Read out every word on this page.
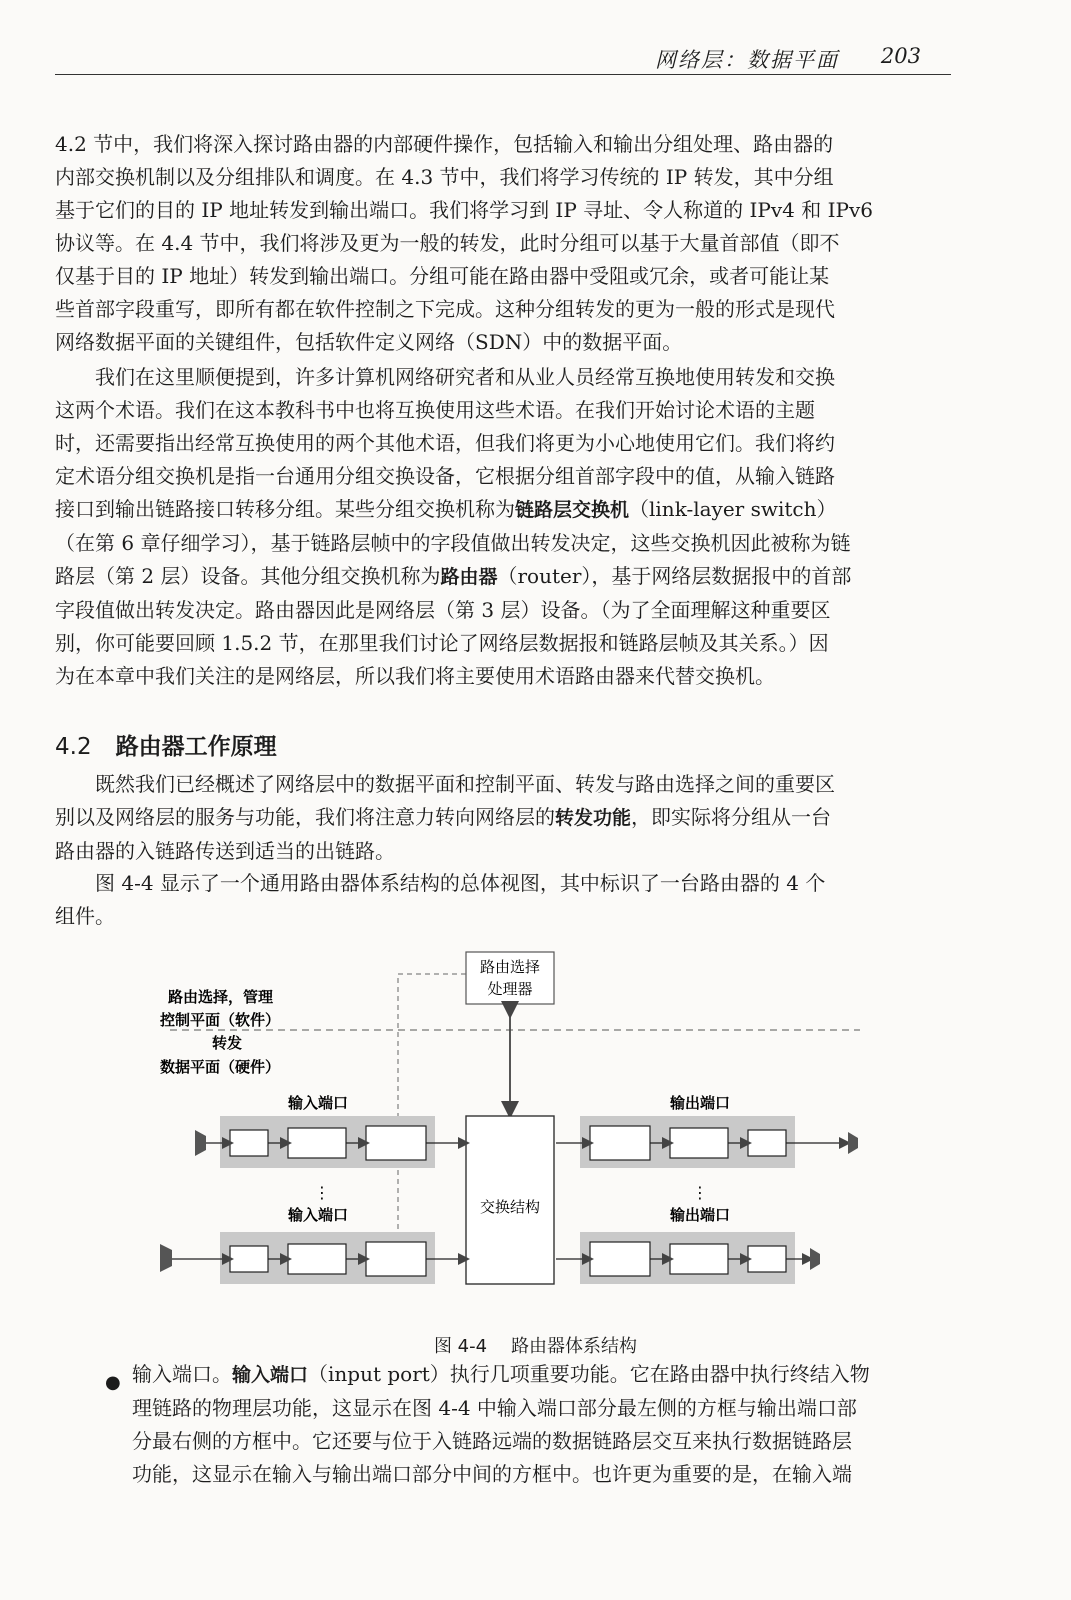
网络层：数据平面 203
4.2 节中，我们将深入探讨路由器的内部硬件操作，包括输入和输出分组处理、路由器的
内部交换机制以及分组排队和调度。在 4.3 节中，我们将学习传统的 IP 转发，其中分组
基于它们的目的 IP 地址转发到输出端口。我们将学习到 IP 寻址、令人称道的 IPv4 和 IPv6
协议等。在 4.4 节中，我们将涉及更为一般的转发，此时分组可以基于大量首部值（即不
仅基于目的 IP 地址）转发到输出端口。分组可能在路由器中受阻或冗余，或者可能让某
些首部字段重写，即所有都在软件控制之下完成。这种分组转发的更为一般的形式是现代
网络数据平面的关键组件，包括软件定义网络（SDN）中的数据平面。
我们在这里顺便提到，许多计算机网络研究者和从业人员经常互换地使用转发和交换
这两个术语。我们在这本教科书中也将互换使用这些术语。在我们开始讨论术语的主题
时，还需要指出经常互换使用的两个其他术语，但我们将更为小心地使用它们。我们将约
定术语分组交换机是指一台通用分组交换设备，它根据分组首部字段中的值，从输入链路
接口到输出链路接口转移分组。某些分组交换机称为链路层交换机（link-layer switch）
（在第 6 章仔细学习），基于链路层帧中的字段值做出转发决定，这些交换机因此被称为链
路层（第 2 层）设备。其他分组交换机称为路由器（router），基于网络层数据报中的首部
字段值做出转发决定。路由器因此是网络层（第 3 层）设备。（为了全面理解这种重要区
别，你可能要回顾 1.5.2 节，在那里我们讨论了网络层数据报和链路层帧及其关系。）因
为在本章中我们关注的是网络层，所以我们将主要使用术语路由器来代替交换机。
4.2 路由器工作原理
既然我们已经概述了网络层中的数据平面和控制平面、转发与路由选择之间的重要区
别以及网络层的服务与功能，我们将注意力转向网络层的转发功能，即实际将分组从一台
路由器的入链路传送到适当的出链路。
图 4-4 显示了一个通用路由器体系结构的总体视图，其中标识了一台路由器的 4 个
组件。
路由选择
处理器
路由选择，管理
控制平面（软件）
转发
数据平面（硬件）
交换结构
输入端口
输入端口
⋮
输出端口
输出端口
⋮
图 4-4 路由器体系结构
● 输入端口。输入端口（input port）执行几项重要功能。它在路由器中执行终结入物
理链路的物理层功能，这显示在图 4-4 中输入端口部分最左侧的方框与输出端口部
分最右侧的方框中。它还要与位于入链路远端的数据链路层交互来执行数据链路层
功能，这显示在输入与输出端口部分中间的方框中。也许更为重要的是，在输入端
